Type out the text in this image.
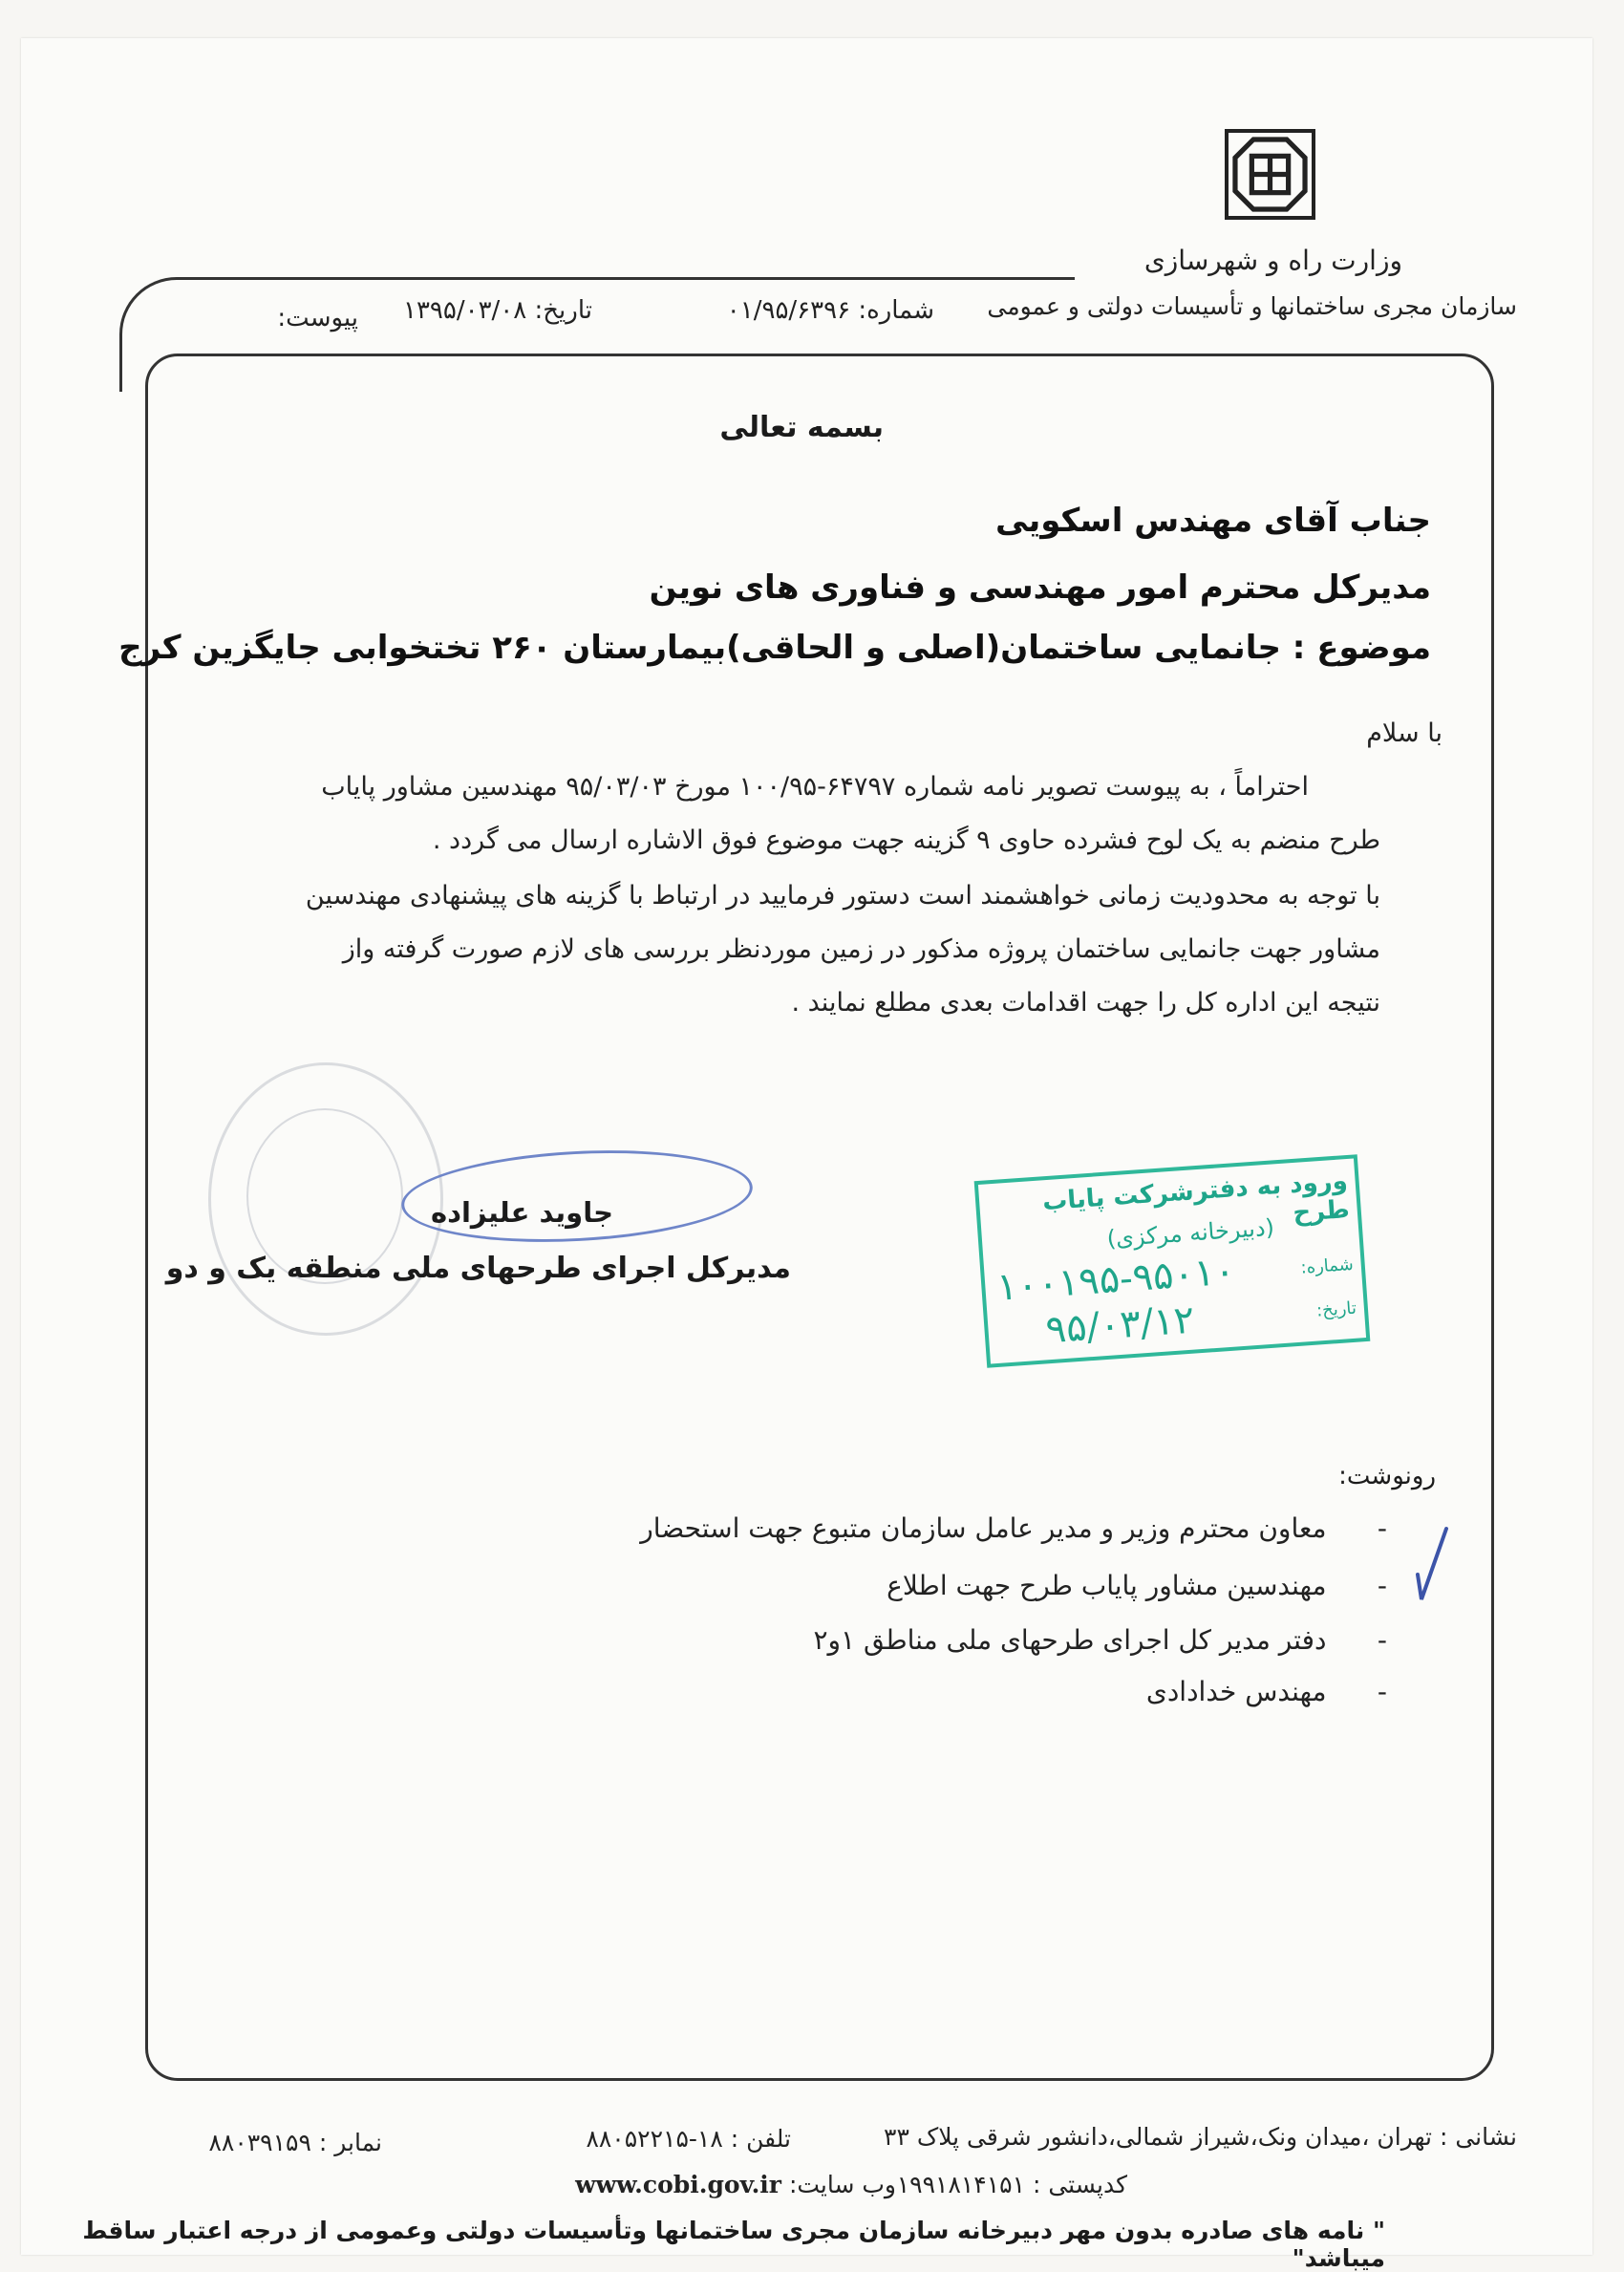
وزارت راه و شهرسازی
سازمان مجری ساختمانها و تأسیسات دولتی و عمومی
شماره: ۰۱/۹۵/۶۳۹۶
تاریخ: ۱۳۹۵/۰۳/۰۸
پیوست:
بسمه تعالی
جناب آقای مهندس اسکویی
مدیرکل محترم امور مهندسی و فناوری های نوین
موضوع : جانمایی ساختمان(اصلی و الحاقی)بیمارستان ۲۶۰ تختخوابی جایگزین کرج
با سلام
احتراماً ، به پیوست تصویر نامه شماره ۶۴۷۹۷-۱۰۰/۹۵ مورخ ۹۵/۰۳/۰۳ مهندسین مشاور پایاب
طرح منضم به یک لوح فشرده حاوی ۹ گزینه جهت موضوع فوق الاشاره ارسال می گردد .
با توجه به محدودیت زمانی خواهشمند است دستور فرمایید در ارتباط با گزینه های پیشنهادی مهندسین
مشاور جهت جانمایی ساختمان پروژه مذکور در زمین موردنظر بررسی های لازم صورت گرفته واز
نتیجه این اداره کل را جهت اقدامات بعدی مطلع نمایند .
جاوید علیزاده
مدیرکل اجرای طرحهای ملی منطقه یک و دو
ورود به دفترشرکت پایاب طرح
(دبیرخانه مرکزی)
شماره:
۱۰۰۱۹۵-۹۵۰۱۰	تاریخ:
۹۵/۰۳/۱۲
رونوشت:
-      معاون محترم وزیر و مدیر عامل سازمان متبوع جهت استحضار
-      مهندسین مشاور پایاب طرح جهت اطلاع
-      دفتر مدیر کل اجرای طرحهای ملی مناطق ۱و۲
-      مهندس خدادادی
نشانی : تهران ،میدان ونک،شیراز شمالی،دانشور شرقی پلاک ۳۳
تلفن : ۱۸-۸۸۰۵۲۲۱۵
نمابر : ۸۸۰۳۹۱۵۹
کدپستی : ۱۹۹۱۸۱۴۱۵۱
وب سایت: www.cobi.gov.ir
" نامه های صادره بدون مهر دبیرخانه سازمان مجری ساختمانها وتأسیسات دولتی وعمومی از درجه اعتبار ساقط میباشد"
